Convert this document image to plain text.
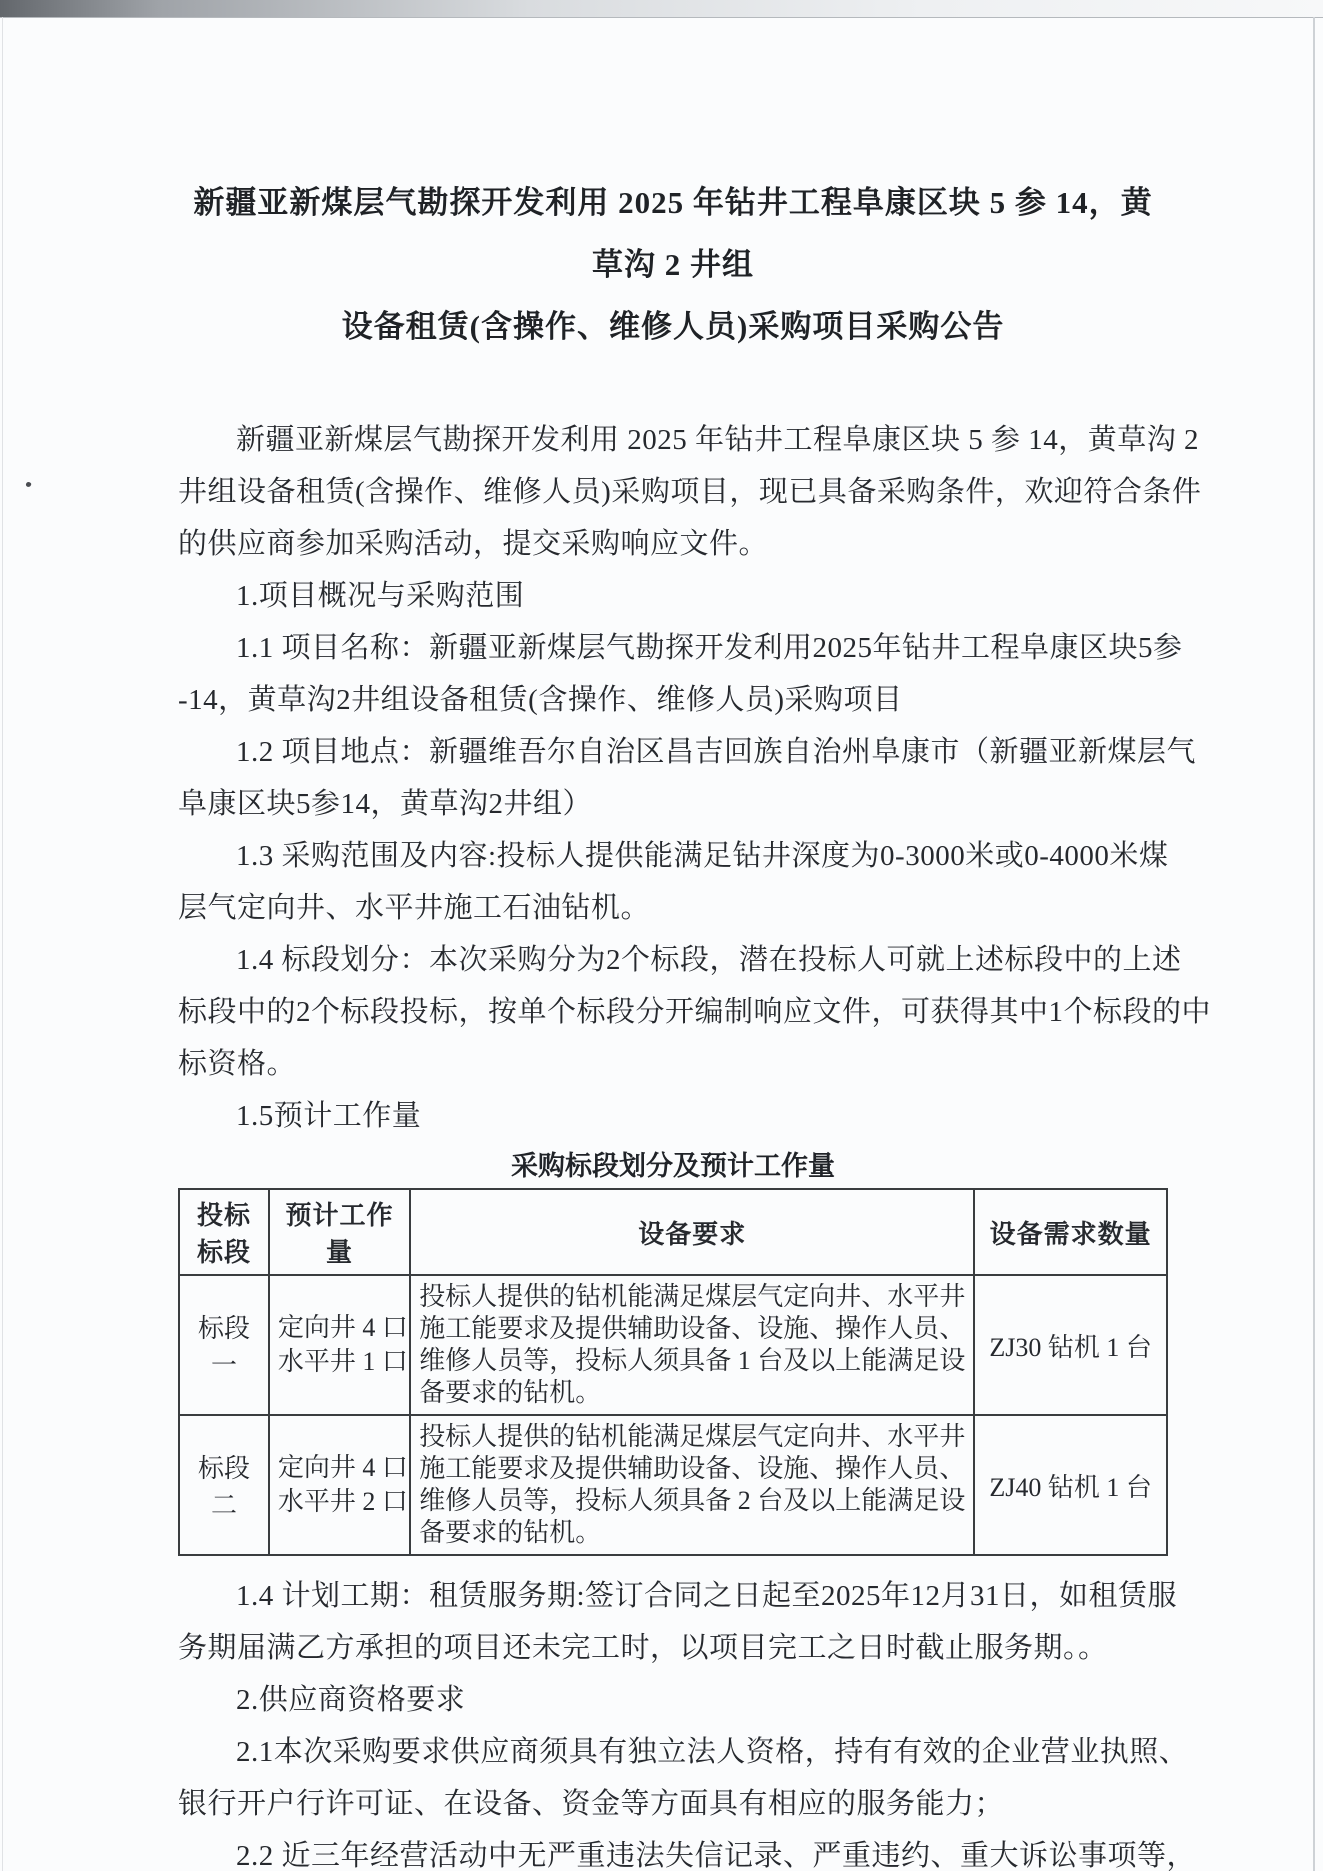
新疆亚新煤层气勘探开发利用 2025 年钻井工程阜康区块 5 参 14，黄草沟 2 井组
设备租赁(含操作、维修人员)采购项目采购公告
新疆亚新煤层气勘探开发利用 2025 年钻井工程阜康区块 5 参 14，黄草沟 2
井组设备租赁(含操作、维修人员)采购项目，现已具备采购条件，欢迎符合条件
的供应商参加采购活动，提交采购响应文件。
1.项目概况与采购范围
1.1 项目名称：新疆亚新煤层气勘探开发利用2025年钻井工程阜康区块5参
-14，黄草沟2井组设备租赁(含操作、维修人员)采购项目
1.2 项目地点：新疆维吾尔自治区昌吉回族自治州阜康市（新疆亚新煤层气
阜康区块5参14，黄草沟2井组）
1.3 采购范围及内容:投标人提供能满足钻井深度为0-3000米或0-4000米煤
层气定向井、水平井施工石油钻机。
1.4 标段划分：本次采购分为2个标段，潜在投标人可就上述标段中的上述
标段中的2个标段投标，按单个标段分开编制响应文件，可获得其中1个标段的中
标资格。
1.5预计工作量
采购标段划分及预计工作量
投标标段	预计工作量	设备要求	设备需求数量
标段一	定向井 4 口
水平井 1 口	投标人提供的钻机能满足煤层气定向井、水平井施工能要求及提供辅助设备、设施、操作人员、维修人员等，投标人须具备 1 台及以上能满足设备要求的钻机。	ZJ30 钻机 1 台
标段二	定向井 4 口
水平井 2 口	投标人提供的钻机能满足煤层气定向井、水平井施工能要求及提供辅助设备、设施、操作人员、维修人员等，投标人须具备 2 台及以上能满足设备要求的钻机。	ZJ40 钻机 1 台
1.4 计划工期：租赁服务期:签订合同之日起至2025年12月31日，如租赁服
务期届满乙方承担的项目还未完工时，以项目完工之日时截止服务期。。
2.供应商资格要求
2.1本次采购要求供应商须具有独立法人资格，持有有效的企业营业执照、
银行开户行许可证、在设备、资金等方面具有相应的服务能力；
2.2 近三年经营活动中无严重违法失信记录、严重违约、重大诉讼事项等，
